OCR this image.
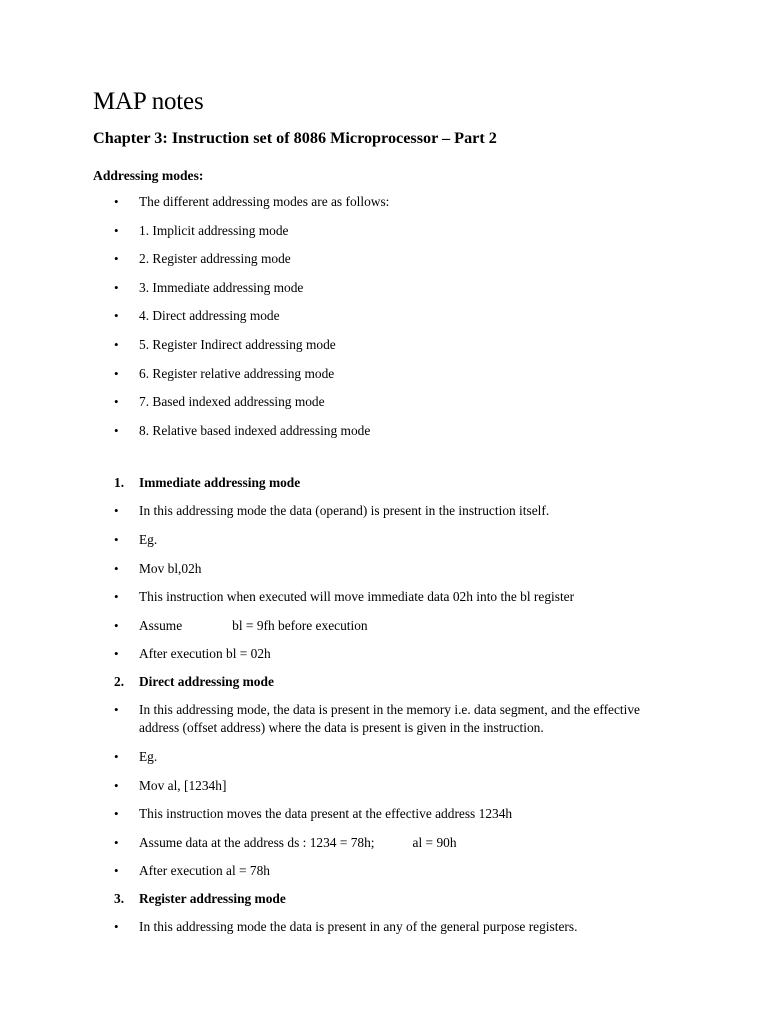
MAP notes
Chapter 3: Instruction set of 8086 Microprocessor – Part 2
Addressing modes:
• The different addressing modes are as follows:
• 1. Implicit addressing mode
• 2. Register addressing mode
• 3. Immediate addressing mode
• 4. Direct addressing mode
• 5. Register Indirect addressing mode
• 6. Register relative addressing mode
• 7. Based indexed addressing mode
• 8. Relative based indexed addressing mode
1. Immediate addressing mode
• In this addressing mode the data (operand) is present in the instruction itself.
• Eg.
• Mov bl,02h
• This instruction when executed will move immediate data 02h into the bl register
• Assume	bl = 9fh before execution
• After execution bl = 02h
2. Direct addressing mode
• In this addressing mode, the data is present in the memory i.e. data segment, and the effective address (offset address) where the data is present is given in the instruction.
• Eg.
• Mov al, [1234h]
• This instruction moves the data present at the effective address 1234h
• Assume data at the address ds : 1234 = 78h;	al = 90h
• After execution al = 78h
3. Register addressing mode
• In this addressing mode the data is present in any of the general purpose registers.
